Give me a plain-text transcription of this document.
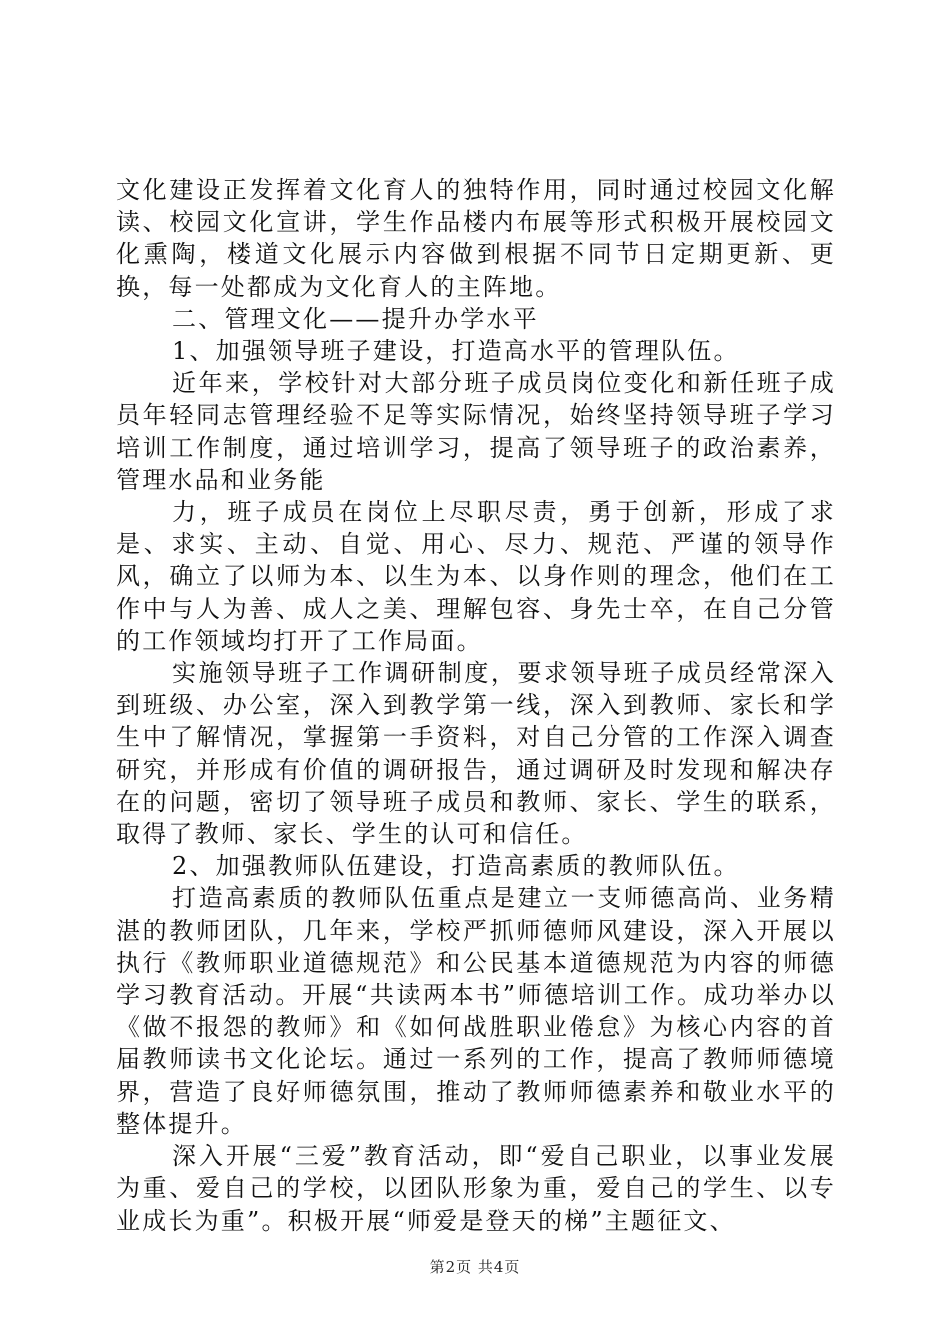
文化建设正发挥着文化育人的独特作用，同时通过校园文化解读、校园文化宣讲，学生作品楼内布展等形式积极开展校园文化熏陶，楼道文化展示内容做到根据不同节日定期更新、更换，每一处都成为文化育人的主阵地。

二、管理文化——提升办学水平

1、加强领导班子建设，打造高水平的管理队伍。

近年来，学校针对大部分班子成员岗位变化和新任班子成员年轻同志管理经验不足等实际情况，始终坚持领导班子学习培训工作制度，通过培训学习，提高了领导班子的政治素养，管理水品和业务能

力，班子成员在岗位上尽职尽责，勇于创新，形成了求是、求实、主动、自觉、用心、尽力、规范、严谨的领导作风，确立了以师为本、以生为本、以身作则的理念，他们在工作中与人为善、成人之美、理解包容、身先士卒，在自己分管的工作领域均打开了工作局面。

实施领导班子工作调研制度，要求领导班子成员经常深入到班级、办公室，深入到教学第一线，深入到教师、家长和学生中了解情况，掌握第一手资料，对自己分管的工作深入调查研究，并形成有价值的调研报告，通过调研及时发现和解决存在的问题，密切了领导班子成员和教师、家长、学生的联系，取得了教师、家长、学生的认可和信任。

2、加强教师队伍建设，打造高素质的教师队伍。

打造高素质的教师队伍重点是建立一支师德高尚、业务精湛的教师团队，几年来，学校严抓师德师风建设，深入开展以执行《教师职业道德规范》和公民基本道德规范为内容的师德学习教育活动。开展“共读两本书”师德培训工作。成功举办以《做不报怨的教师》和《如何战胜职业倦怠》为核心内容的首届教师读书文化论坛。通过一系列的工作，提高了教师师德境界，营造了良好师德氛围，推动了教师师德素养和敬业水平的整体提升。

深入开展“三爱”教育活动，即“爱自己职业，以事业发展为重、爱自己的学校，以团队形象为重，爱自己的学生、以专业成长为重”。积极开展“师爱是登天的梯”主题征文、

第2页 共4页
